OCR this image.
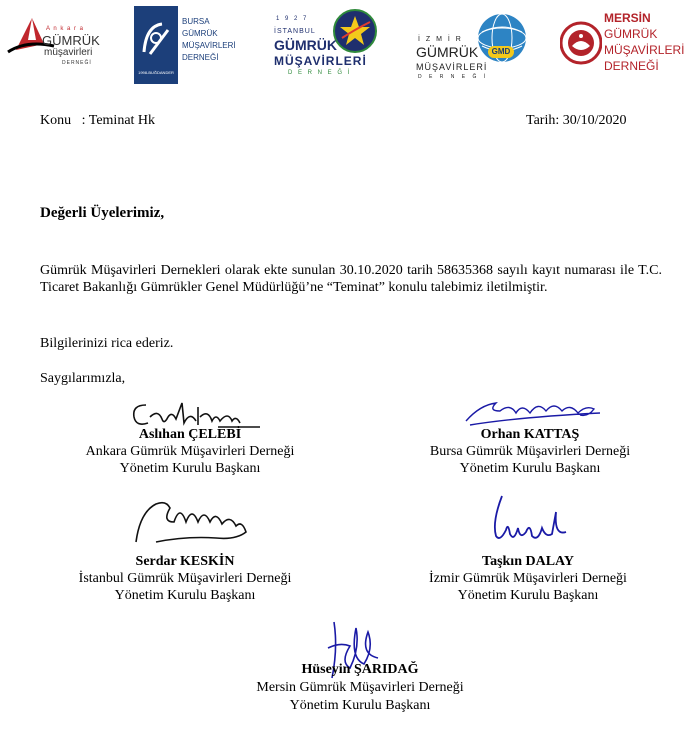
A n k a r a
GÜMRÜK
müşavirleri
DERNEĞİ
1998-BUĞDANDER
BURSA
GÜMRÜK
MÜŞAVİRLERİ
DERNEĞİ
1 9 2 7
İSTANBUL
GÜMRÜK
MÜŞAVİRLERİ
D E R N E Ğ İ
GMD
İ Z M İ R
GÜMRÜK
MÜŞAVİRLERİ
D E R N E Ğ İ
MERSİN
GÜMRÜK
MÜŞAVİRLERİ
DERNEĞİ
Konu   : Teminat Hk	Tarih: 30/10/2020
Değerli Üyelerimiz,
Gümrük Müşavirleri Dernekleri olarak ekte sunulan 30.10.2020 tarih 58635368 sayılı kayıt numarası ile T.C. Ticaret Bakanlığı Gümrükler Genel Müdürlüğü’ne “Teminat” konulu talebimiz iletilmiştir.
Bilgilerinizi rica ederiz.
Saygılarımızla,
Aslıhan ÇELEBİ
Ankara Gümrük Müşavirleri Derneği
Yönetim Kurulu Başkanı
Orhan KATTAŞ
Bursa Gümrük Müşavirleri Derneği
Yönetim Kurulu Başkanı
Serdar KESKİN
İstanbul Gümrük Müşavirleri Derneği
Yönetim Kurulu Başkanı
Taşkın DALAY
İzmir Gümrük Müşavirleri Derneği
Yönetim Kurulu Başkanı
Hüseyin ŞARIDAĞ
Mersin Gümrük Müşavirleri Derneği
Yönetim Kurulu Başkanı
